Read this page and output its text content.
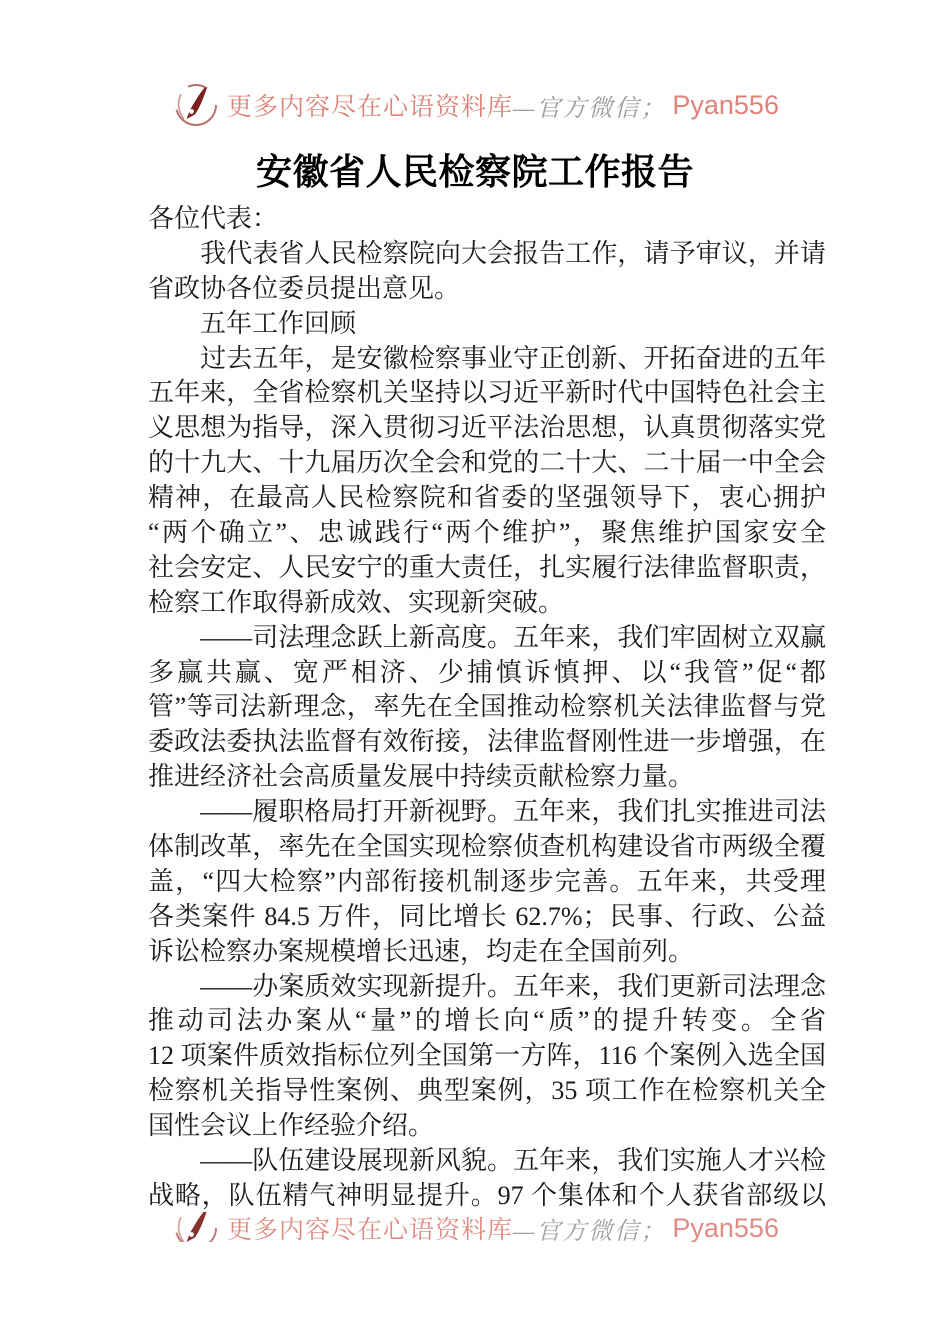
更多内容尽在心语资料库 —官方微信； Pyan556
安徽省人民检察院工作报告
各位代表：
　　我代表省人民检察院向大会报告工作，请予审议，并请
省政协各位委员提出意见。
　　五年工作回顾
　　过去五年，是安徽检察事业守正创新、开拓奋进的五年
五年来，全省检察机关坚持以习近平新时代中国特色社会主
义思想为指导，深入贯彻习近平法治思想，认真贯彻落实党
的十九大、十九届历次全会和党的二十大、二十届一中全会
精神，在最高人民检察院和省委的坚强领导下，衷心拥护
“两个确立”、忠诚践行“两个维护”，聚焦维护国家安全
社会安定、人民安宁的重大责任，扎实履行法律监督职责，
检察工作取得新成效、实现新突破。
　　——司法理念跃上新高度。五年来，我们牢固树立双赢
多赢共赢、宽严相济、少捕慎诉慎押、以“我管”促“都
管”等司法新理念，率先在全国推动检察机关法律监督与党
委政法委执法监督有效衔接，法律监督刚性进一步增强，在
推进经济社会高质量发展中持续贡献检察力量。
　　——履职格局打开新视野。五年来，我们扎实推进司法
体制改革，率先在全国实现检察侦查机构建设省市两级全覆
盖，“四大检察”内部衔接机制逐步完善。五年来，共受理
各类案件 84.5 万件，同比增长 62.7%；民事、行政、公益
诉讼检察办案规模增长迅速，均走在全国前列。
　　——办案质效实现新提升。五年来，我们更新司法理念
推动司法办案从“量”的增长向“质”的提升转变。全省
12 项案件质效指标位列全国第一方阵，116 个案例入选全国
检察机关指导性案例、典型案例，35 项工作在检察机关全
国性会议上作经验介绍。
　　——队伍建设展现新风貌。五年来，我们实施人才兴检
战略，队伍精气神明显提升。97 个集体和个人获省部级以
更多内容尽在心语资料库 —官方微信； Pyan556
